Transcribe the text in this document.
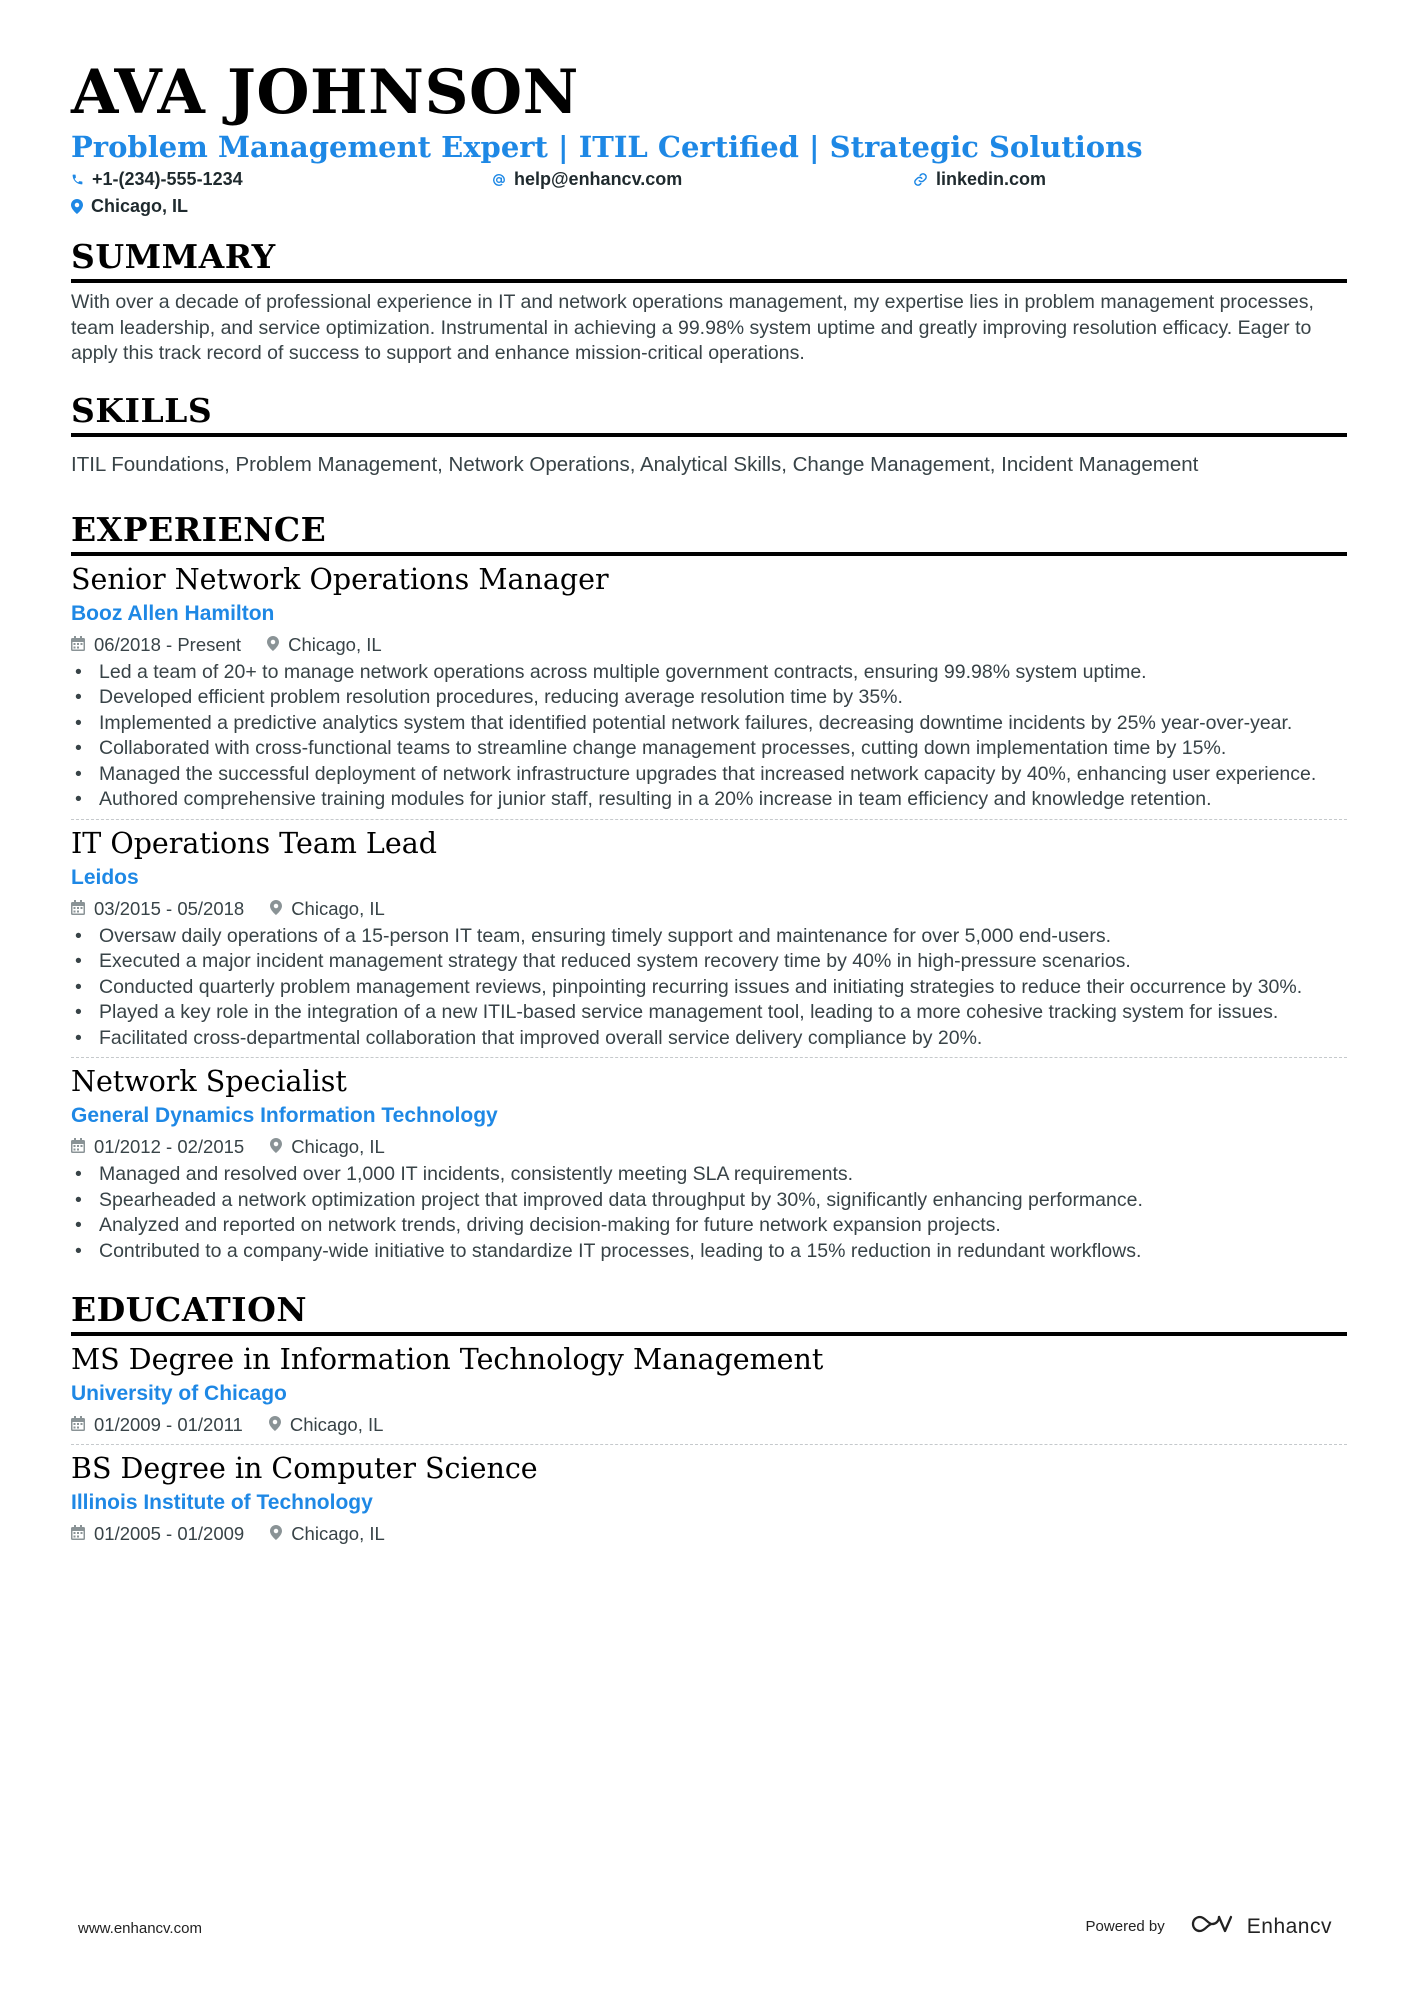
AVA JOHNSON
Problem Management Expert | ITIL Certified | Strategic Solutions
+1-(234)-555-1234	help@enhancv.com	linkedin.com
Chicago, IL
SUMMARY
With over a decade of professional experience in IT and network operations management, my expertise lies in problem management processes, team leadership, and service optimization. Instrumental in achieving a 99.98% system uptime and greatly improving resolution efficacy. Eager to apply this track record of success to support and enhance mission-critical operations.
SKILLS
ITIL Foundations, Problem Management, Network Operations, Analytical Skills, Change Management, Incident Management
EXPERIENCE
Senior Network Operations Manager
Booz Allen Hamilton
06/2018 - Present	Chicago, IL
• Led a team of 20+ to manage network operations across multiple government contracts, ensuring 99.98% system uptime.
• Developed efficient problem resolution procedures, reducing average resolution time by 35%.
• Implemented a predictive analytics system that identified potential network failures, decreasing downtime incidents by 25% year-over-year.
• Collaborated with cross-functional teams to streamline change management processes, cutting down implementation time by 15%.
• Managed the successful deployment of network infrastructure upgrades that increased network capacity by 40%, enhancing user experience.
• Authored comprehensive training modules for junior staff, resulting in a 20% increase in team efficiency and knowledge retention.
IT Operations Team Lead
Leidos
03/2015 - 05/2018	Chicago, IL
• Oversaw daily operations of a 15-person IT team, ensuring timely support and maintenance for over 5,000 end-users.
• Executed a major incident management strategy that reduced system recovery time by 40% in high-pressure scenarios.
• Conducted quarterly problem management reviews, pinpointing recurring issues and initiating strategies to reduce their occurrence by 30%.
• Played a key role in the integration of a new ITIL-based service management tool, leading to a more cohesive tracking system for issues.
• Facilitated cross-departmental collaboration that improved overall service delivery compliance by 20%.
Network Specialist
General Dynamics Information Technology
01/2012 - 02/2015	Chicago, IL
• Managed and resolved over 1,000 IT incidents, consistently meeting SLA requirements.
• Spearheaded a network optimization project that improved data throughput by 30%, significantly enhancing performance.
• Analyzed and reported on network trends, driving decision-making for future network expansion projects.
• Contributed to a company-wide initiative to standardize IT processes, leading to a 15% reduction in redundant workflows.
EDUCATION
MS Degree in Information Technology Management
University of Chicago
01/2009 - 01/2011	Chicago, IL
BS Degree in Computer Science
Illinois Institute of Technology
01/2005 - 01/2009	Chicago, IL
www.enhancv.com	Powered by	Enhancv
